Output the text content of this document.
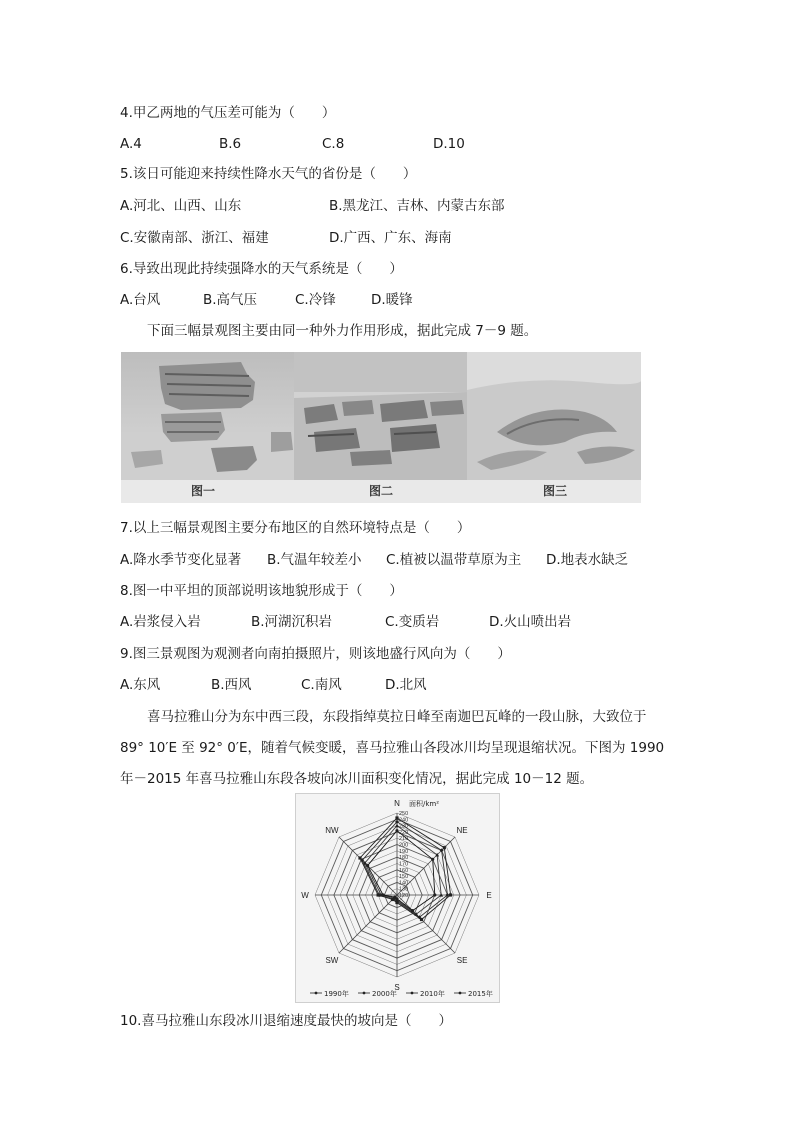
4.甲乙两地的气压差可能为（　　）
A.4	B.6	C.8	D.10
5.该日可能迎来持续性降水天气的省份是（　　）
A.河北、山西、山东	B.黑龙江、吉林、内蒙古东部
C.安徽南部、浙江、福建	D.广西、广东、海南
6.导致出现此持续强降水的天气系统是（　　）
A.台风	B.高气压	C.冷锋	D.暖锋
下面三幅景观图主要由同一种外力作用形成，据此完成 7－9 题。
图一	图二	图三
7.以上三幅景观图主要分布地区的自然环境特点是（　　）
A.降水季节变化显著 B.气温年较差小 C.植被以温带草原为主 D.地表水缺乏
8.图一中平坦的顶部说明该地貌形成于（　　）
A.岩浆侵入岩	B.河湖沉积岩	C.变质岩	D.火山喷出岩
9.图三景观图为观测者向南拍摄照片，则该地盛行风向为（　　）
A.东风	B.西风	C.南风	D.北风
喜马拉雅山分为东中西三段，东段指绰莫拉日峰至南迦巴瓦峰的一段山脉，大致位于
89° 10′E 至 92° 0′E，随着气候变暖，喜马拉雅山各段冰川均呈现退缩状况。下图为 1990
年－2015 年喜马拉雅山东段各坡向冰川面积变化情况，据此完成 10－12 题。
N
NE
E
SE
S
SW
W
NW
120
130
140
150
160
170
180
190
200
210
220
230
240
250
面积/km²
1990年	2000年	2010年	2015年
10.喜马拉雅山东段冰川退缩速度最快的坡向是（　　）
